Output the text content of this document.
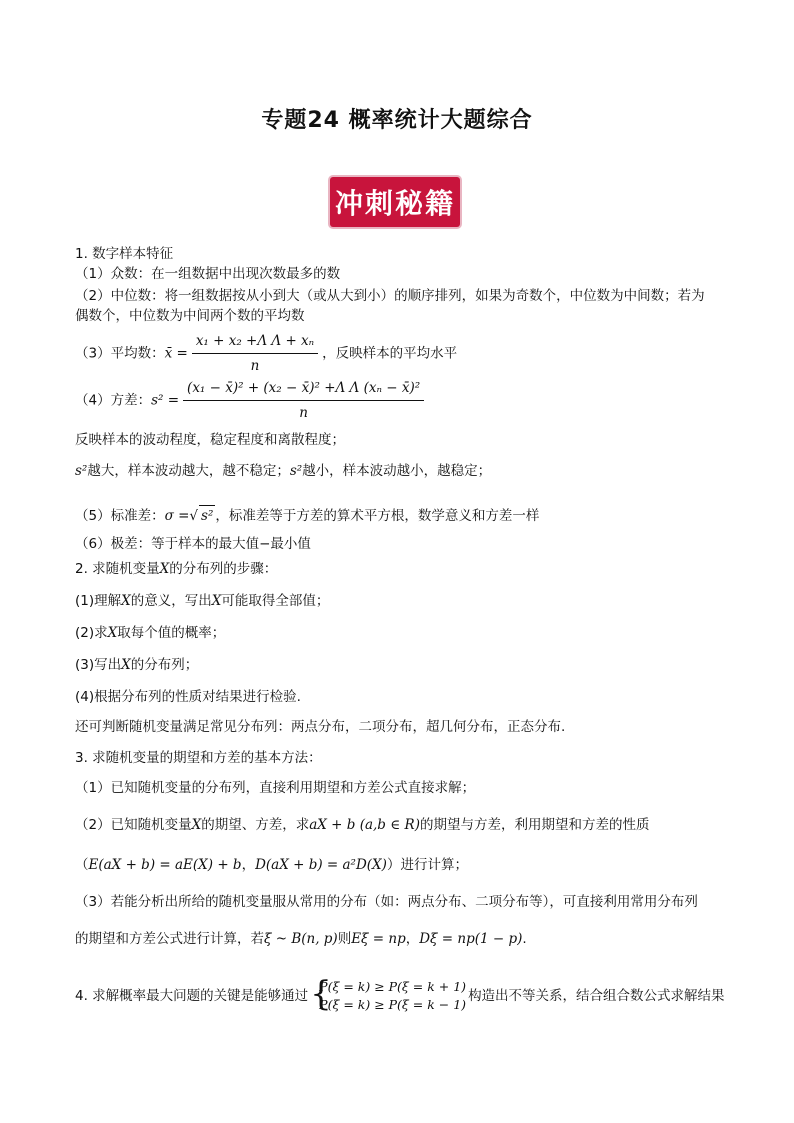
专题24 概率统计大题综合
冲刺秘籍
1. 数字样本特征
（1）众数：在一组数据中出现次数最多的数
（2）中位数：将一组数据按从小到大（或从大到小）的顺序排列，如果为奇数个，中位数为中间数；若为
偶数个，中位数为中间两个数的平均数
（3）平均数：x̄ = $\frac{\text{x₁ + x₂ +Λ Λ + xₙ}}{n}$ ，反映样本的平均水平
（4）方差：$s^2 = \frac{\text{(x₁ − x̄)² + (x₂ − x̄)² +Λ Λ (xₙ − x̄)²}}{n}$
反映样本的波动程度，稳定程度和离散程度；
s²越大，样本波动越大，越不稳定；s²越小，样本波动越小，越稳定；
（5）标准差：σ =√ s² ，标准差等于方差的算术平方根，数学意义和方差一样
（6）极差：等于样本的最大值−最小值
2. 求随机变量X的分布列的步骤：
(1)理解X的意义，写出X可能取得全部值；
(2)求X取每个值的概率；
(3)写出X的分布列；
(4)根据分布列的性质对结果进行检验.
还可判断随机变量满足常见分布列：两点分布，二项分布，超几何分布，正态分布.
3. 求随机变量的期望和方差的基本方法：
（1）已知随机变量的分布列，直接利用期望和方差公式直接求解；
（2）已知随机变量X的期望、方差，求aX + b (a,b ∈ R)的期望与方差，利用期望和方差的性质
（E(aX + b) = aE(X) + b，D(aX + b) = a²D(X)）进行计算；
（3）若能分析出所给的随机变量服从常用的分布（如：两点分布、二项分布等），可直接利用常用分布列
的期望和方差公式进行计算，若ξ ~ B(n, p)则Eξ = np，Dξ = np(1 − p).
4. 求解概率最大问题的关键是能够通过 {
P(ξ = k) ≥ P(ξ = k + 1)
P(ξ = k) ≥ P(ξ = k − 1)
构造出不等关系，结合组合数公式求解结果
